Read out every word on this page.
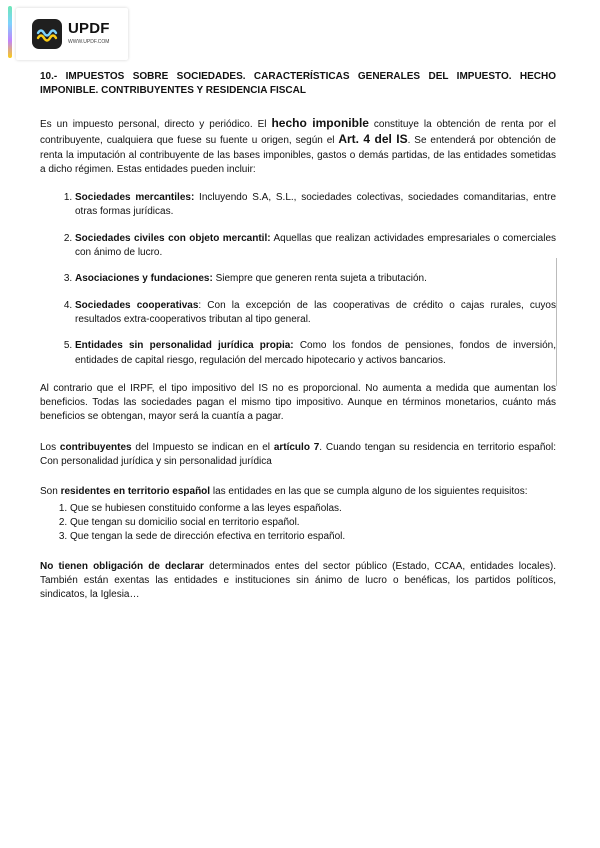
UPDF
WWW.UPDF.COM
10.- IMPUESTOS SOBRE SOCIEDADES. CARACTERÍSTICAS GENERALES DEL IMPUESTO. HECHO IMPONIBLE. CONTRIBUYENTES Y RESIDENCIA FISCAL

Es un impuesto personal, directo y periódico. El hecho imponible constituye la obtención de renta por el contribuyente, cualquiera que fuese su fuente u origen, según el Art. 4 del IS. Se entenderá por obtención de renta la imputación al contribuyente de las bases imponibles, gastos o demás partidas, de las entidades sometidas a dicho régimen. Estas entidades pueden incluir:

1. Sociedades mercantiles: Incluyendo S.A, S.L., sociedades colectivas, sociedades comanditarias, entre otras formas jurídicas.
2. Sociedades civiles con objeto mercantil: Aquellas que realizan actividades empresariales o comerciales con ánimo de lucro.
3. Asociaciones y fundaciones: Siempre que generen renta sujeta a tributación.
4. Sociedades cooperativas: Con la excepción de las cooperativas de crédito o cajas rurales, cuyos resultados extra-cooperativos tributan al tipo general.
5. Entidades sin personalidad jurídica propia: Como los fondos de pensiones, fondos de inversión, entidades de capital riesgo, regulación del mercado hipotecario y activos bancarios.

Al contrario que el IRPF, el tipo impositivo del IS no es proporcional. No aumenta a medida que aumentan los beneficios. Todas las sociedades pagan el mismo tipo impositivo. Aunque en términos monetarios, cuánto más beneficios se obtengan, mayor será la cuantía a pagar.

Los contribuyentes del Impuesto se indican en el artículo 7. Cuando tengan su residencia en territorio español: Con personalidad jurídica y sin personalidad jurídica

Son residentes en territorio español las entidades en las que se cumpla alguno de los siguientes requisitos:

1. Que se hubiesen constituido conforme a las leyes españolas.
2. Que tengan su domicilio social en territorio español.
3. Que tengan la sede de dirección efectiva en territorio español.

No tienen obligación de declarar determinados entes del sector público (Estado, CCAA, entidades locales). También están exentas las entidades e instituciones sin ánimo de lucro o benéficas, los partidos políticos, sindicatos, la Iglesia…
